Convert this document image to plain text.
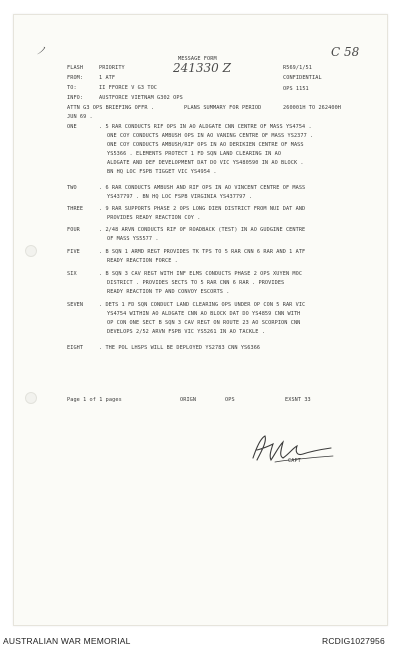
ノ	C 58
241330 Z
MESSAGE FORM
FLASH	PRIORITY	R569/1/51
FROM:	1 ATF	CONFIDENTIAL
TO:	II FFORCE V G3 TOC	OPS 1151
INFO:	AUSTFORCE VIETNAM G302 OPS
ATTN G3 OPS BRIEFING OFFR .	PLANS SUMMARY FOR PERIOD	260001H TO 262400H
JUN 69 .
ONE	. 5 RAR CONDUCTS RIF OPS IN AO ALDGATE CNN CENTRE OF MASS YS4754 .
ONE COY CONDUCTS AMBUSH OPS IN AO VANING CENTRE OF MASS YS2377 .
ONE COY CONDUCTS AMBUSH/RIF OPS IN AO DERIKIEN CENTRE OF MASS
YS5366 . ELEMENTS PROTECT 1 FD SQN LAND CLEARING IN AO
ALDGATE AND DEF DEVELOPMENT DAT DO VIC YS480590 IN AO BLOCK .
BN HQ LOC FSPB TIGGET VIC YS4954 .
TWO	. 6 RAR CONDUCTS AMBUSH AND RIF OPS IN AO VINCENT CENTRE OF MASS
YS437797 . BN HQ LOC FSPB VIRGINIA YS437797 .
THREE	. 9 RAR SUPPORTS PHASE 2 OPS LONG DIEN DISTRICT FROM NUI DAT AND
PROVIDES READY REACTION COY .
FOUR	. 2/48 ARVN CONDUCTS RIF OF ROADBACK (TEST) IN AO GUDGINE CENTRE
OF MASS YS5577 .
FIVE	. B SQN 1 ARMD REGT PROVIDES TK TPS TO 5 RAR CNN 6 RAR AND 1 ATF
READY REACTION FORCE .
SIX	. B SQN 3 CAV REGT WITH INF ELMS CONDUCTS PHASE 2 OPS XUYEN MOC
DISTRICT . PROVIDES SECTS TO 5 RAR CNN 6 RAR . PROVIDES
READY REACTION TP AND CONVOY ESCORTS .
SEVEN	. DETS 1 FD SQN CONDUCT LAND CLEARING OPS UNDER OP CON 5 RAR VIC
YS4754 WITHIN AO ALDGATE CNN AO BLOCK DAT DO YS4859 CNN WITH
OP CON ONE SECT B SQN 3 CAV REGT ON ROUTE 23 AO SCORPION CNN
DEVELOPS 2/52 ARVN FSPB VIC YS5261 IN AO TACKLE .
EIGHT	. THE POL LHSPS WILL BE DEPLOYED YS2783 CNN YS6366
Page 1 of 1 pages	ORIGN	OPS	EXSNT 33
CAPT
AUSTRALIAN WAR MEMORIAL	RCDIG1027956
